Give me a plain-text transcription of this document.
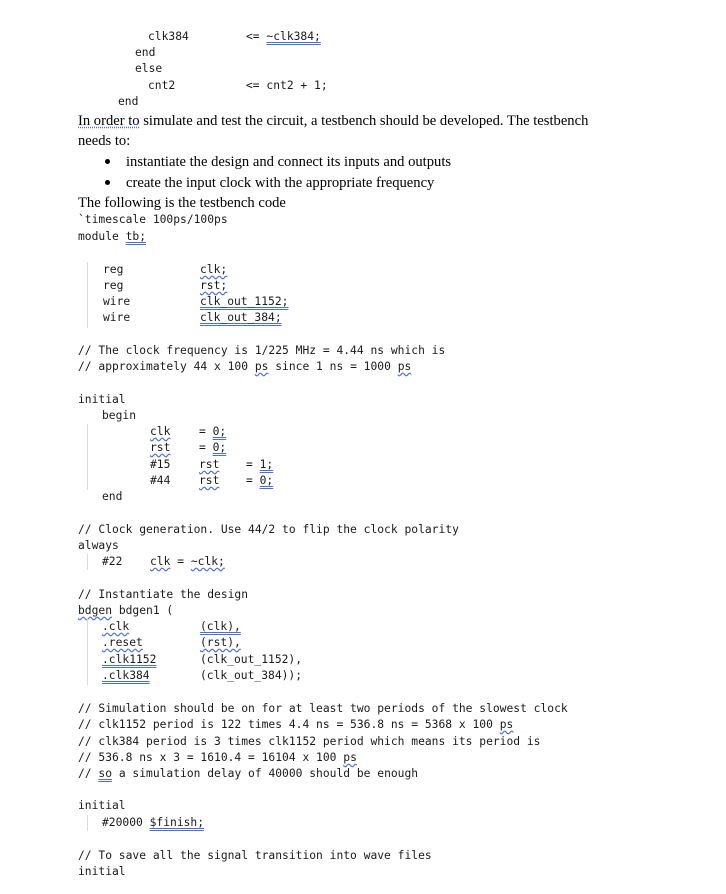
clk384	<= ~clk384;
end
else
cnt2	<= cnt2 + 1;
end
In order to simulate and test the circuit, a testbench should be developed. The testbench
needs to:
instantiate the design and connect its inputs and outputs
create the input clock with the appropriate frequency
The following is the testbench code
`timescale 100ps/100ps
module tb;
reg	clk;
reg	rst;
wire	clk_out_1152;
wire	clk_out_384;
// The clock frequency is 1/225 MHz = 4.44 ns which is
// approximately 44 x 100 ps since 1 ns = 1000 ps
initial
begin
clk	= 0;
rst	= 0;
#15	rst = 1;
#44	rst = 0;
end
// Clock generation. Use 44/2 to flip the clock polarity
always
#22 clk = ~clk;
// Instantiate the design
bdgen bdgen1 (
.clk	(clk),
.reset	(rst),
.clk1152	(clk_out_1152),
.clk384	(clk_out_384));
// Simulation should be on for at least two periods of the slowest clock
// clk1152 period is 122 times 4.4 ns = 536.8 ns = 5368 x 100 ps
// clk384 period is 3 times clk1152 period which means its period is
// 536.8 ns x 3 = 1610.4 = 16104 x 100 ps
// so a simulation delay of 40000 should be enough
initial
#20000 $finish;
// To save all the signal transition into wave files
initial
